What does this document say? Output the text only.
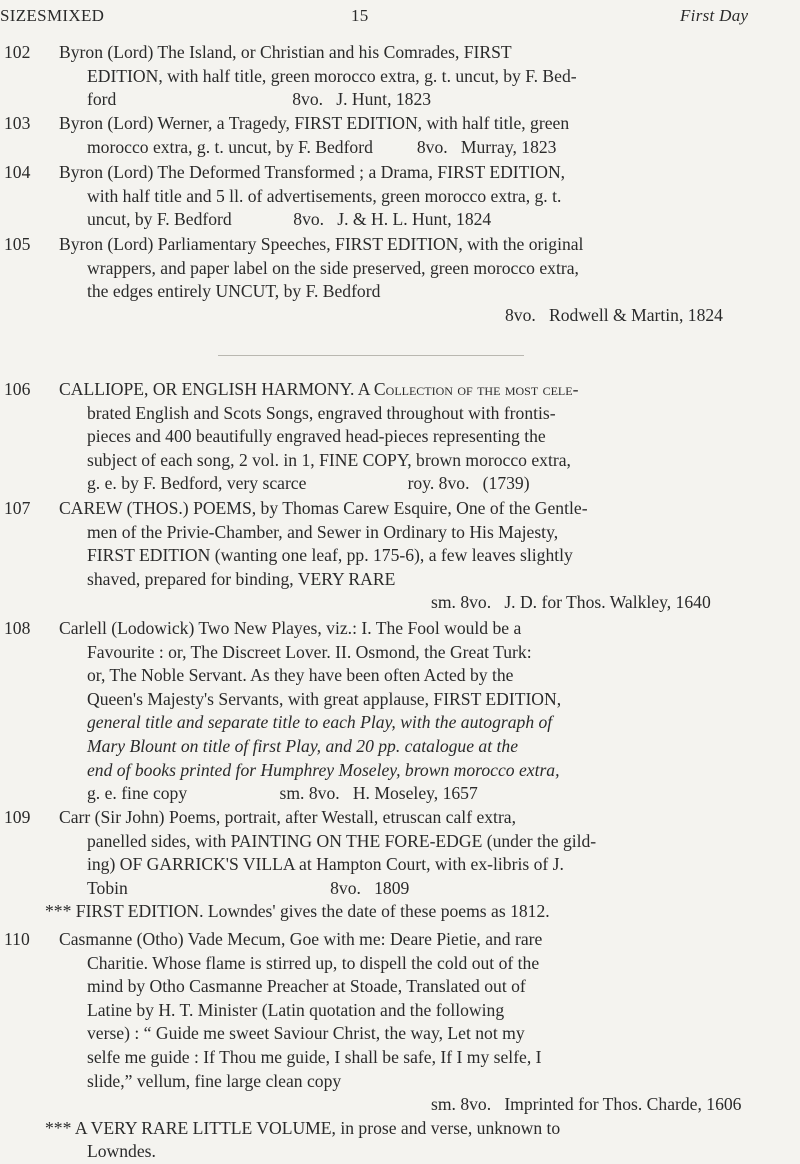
SIZES MIXED	15	First Day
102	Byron (Lord) The Island, or Christian and his Comrades, FIRST
EDITION, with half title, green morocco extra, g. t. uncut, by F. Bed-
ford                                        8vo.   J. Hunt, 1823
103	Byron (Lord) Werner, a Tragedy, FIRST EDITION, with half title, green
morocco extra, g. t. uncut, by F. Bedford          8vo.   Murray, 1823
104	Byron (Lord) The Deformed Transformed ; a Drama, FIRST EDITION,
with half title and 5 ll. of advertisements, green morocco extra, g. t.
uncut, by F. Bedford              8vo.   J. & H. L. Hunt, 1824
105	Byron (Lord) Parliamentary Speeches, FIRST EDITION, with the original
wrappers, and paper label on the side preserved, green morocco extra,
the edges entirely UNCUT, by F. Bedford
8vo.   Rodwell & Martin, 1824
106	CALLIOPE, OR ENGLISH HARMONY. A Collection of the most cele-
brated English and Scots Songs, engraved throughout with frontis-
pieces and 400 beautifully engraved head-pieces representing the
subject of each song, 2 vol. in 1, FINE COPY, brown morocco extra,
g. e. by F. Bedford, very scarce                       roy. 8vo.   (1739)
107	CAREW (THOS.) POEMS, by Thomas Carew Esquire, One of the Gentle-
men of the Privie-Chamber, and Sewer in Ordinary to His Majesty,
FIRST EDITION (wanting one leaf, pp. 175-6), a few leaves slightly
shaved, prepared for binding, VERY RARE
sm. 8vo.   J. D. for Thos. Walkley, 1640
108	Carlell (Lodowick) Two New Playes, viz.: I. The Fool would be a
Favourite : or, The Discreet Lover. II. Osmond, the Great Turk:
or, The Noble Servant. As they have been often Acted by the
Queen's Majesty's Servants, with great applause, FIRST EDITION,
general title and separate title to each Play, with the autograph of
Mary Blount on title of first Play, and 20 pp. catalogue at the
end of books printed for Humphrey Moseley, brown morocco extra,
g. e. fine copy                     sm. 8vo.   H. Moseley, 1657
109	Carr (Sir John) Poems, portrait, after Westall, etruscan calf extra,
panelled sides, with PAINTING ON THE FORE-EDGE (under the gild-
ing) OF GARRICK'S VILLA at Hampton Court, with ex-libris of J.
Tobin                                              8vo.   1809
*** FIRST EDITION. Lowndes' gives the date of these poems as 1812.
110	Casmanne (Otho) Vade Mecum, Goe with me: Deare Pietie, and rare
Charitie. Whose flame is stirred up, to dispell the cold out of the
mind by Otho Casmanne Preacher at Stoade, Translated out of
Latine by H. T. Minister (Latin quotation and the following
verse) : “ Guide me sweet Saviour Christ, the way, Let not my
selfe me guide : If Thou me guide, I shall be safe, If I my selfe, I
slide,” vellum, fine large clean copy
sm. 8vo.   Imprinted for Thos. Charde, 1606
*** A VERY RARE LITTLE VOLUME, in prose and verse, unknown to
Lowndes.
